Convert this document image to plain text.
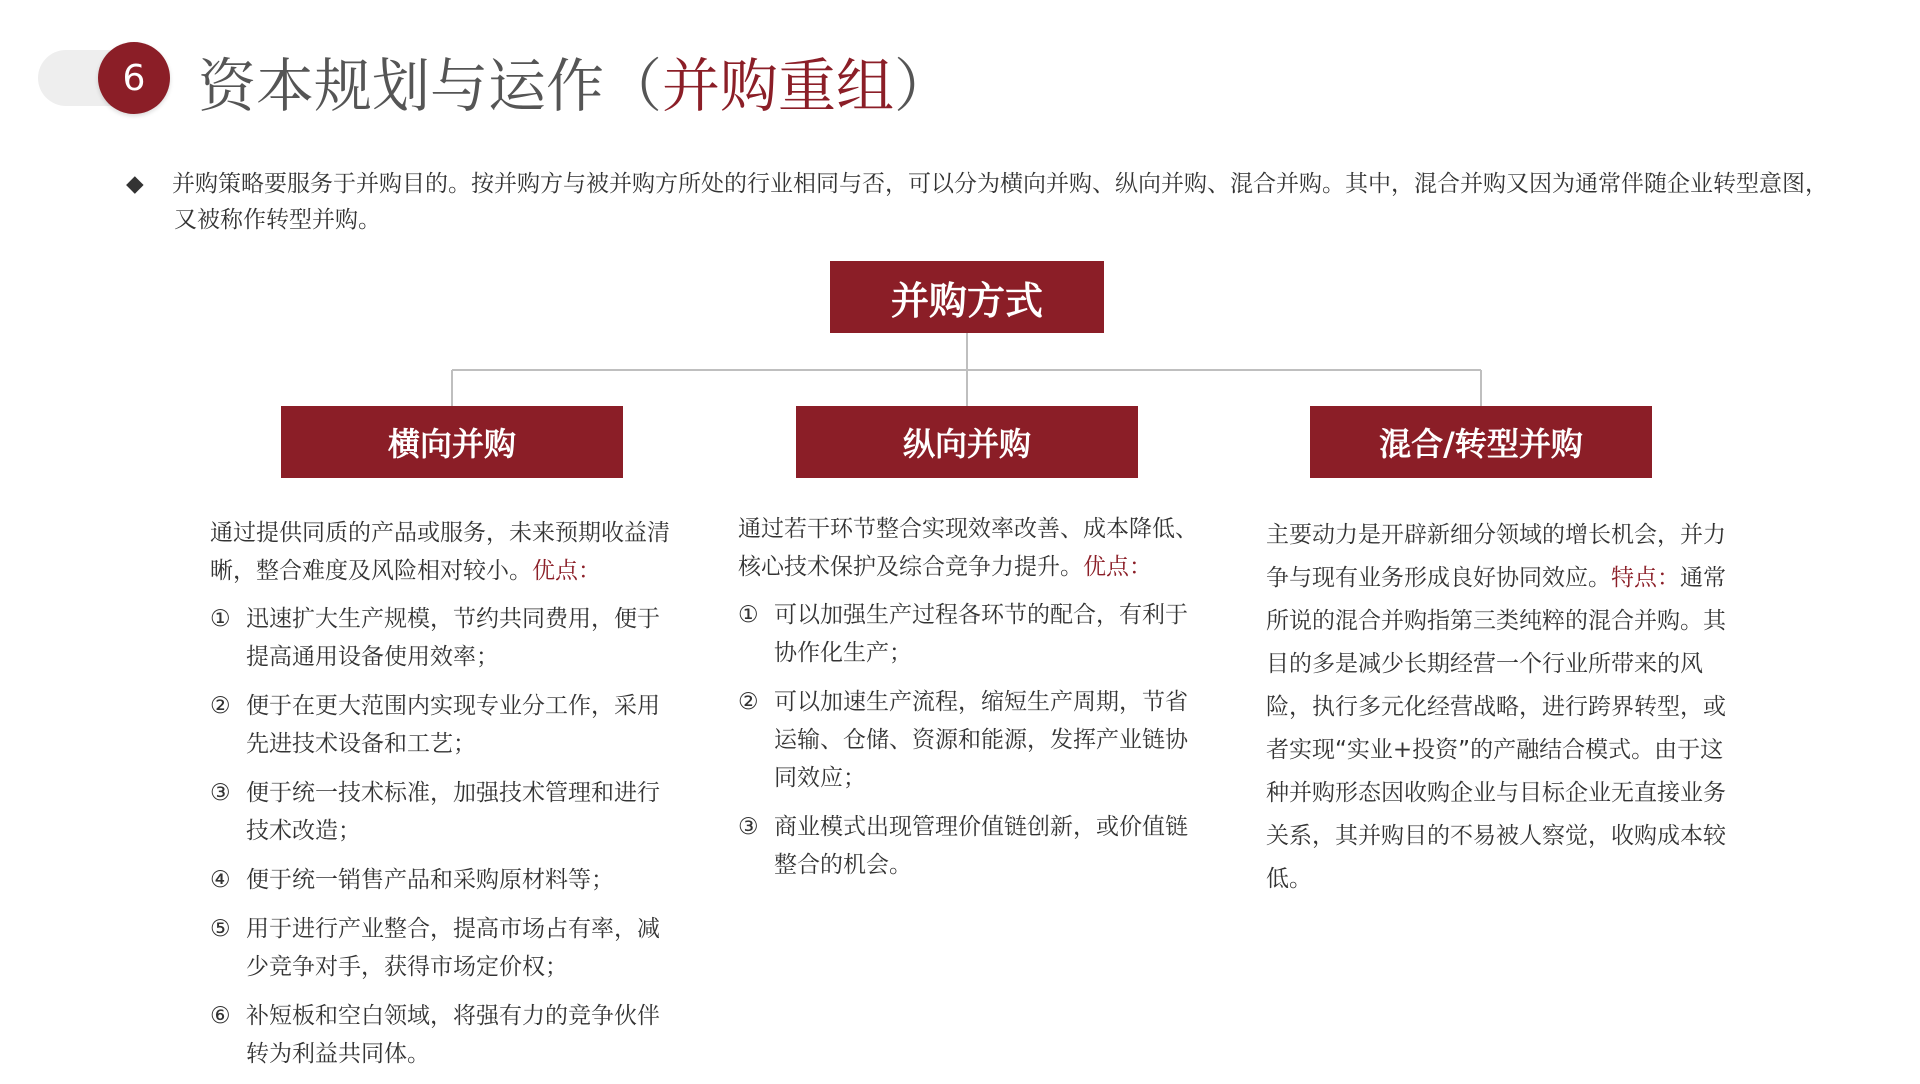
6 资本规划与运作（并购重组）
◆ 并购策略要服务于并购目的。按并购方与被并购方所处的行业相同与否，可以分为横向并购、纵向并购、混合并购。其中，混合并购又因为通常伴随企业转型意图，又被称作转型并购。
并购方式
横向并购	纵向并购	混合/转型并购

通过提供同质的产品或服务，未来预期收益清晰，整合难度及风险相对较小。优点：

① 迅速扩大生产规模，节约共同费用，便于提高通用设备使用效率；
② 便于在更大范围内实现专业分工作，采用先进技术设备和工艺；
③ 便于统一技术标准，加强技术管理和进行技术改造；
④ 便于统一销售产品和采购原材料等；
⑤ 用于进行产业整合，提高市场占有率，减少竞争对手，获得市场定价权；
⑥ 补短板和空白领域，将强有力的竞争伙伴转为利益共同体。

通过若干环节整合实现效率改善、成本降低、核心技术保护及综合竞争力提升。优点：

① 可以加强生产过程各环节的配合，有利于协作化生产；
② 可以加速生产流程，缩短生产周期，节省运输、仓储、资源和能源，发挥产业链协同效应；
③ 商业模式出现管理价值链创新，或价值链整合的机会。

主要动力是开辟新细分领域的增长机会，并力争与现有业务形成良好协同效应。特点：通常所说的混合并购指第三类纯粹的混合并购。其目的多是减少长期经营一个行业所带来的风险，执行多元化经营战略，进行跨界转型，或者实现“实业+投资”的产融结合模式。由于这种并购形态因收购企业与目标企业无直接业务关系，其并购目的不易被人察觉，收购成本较低。
